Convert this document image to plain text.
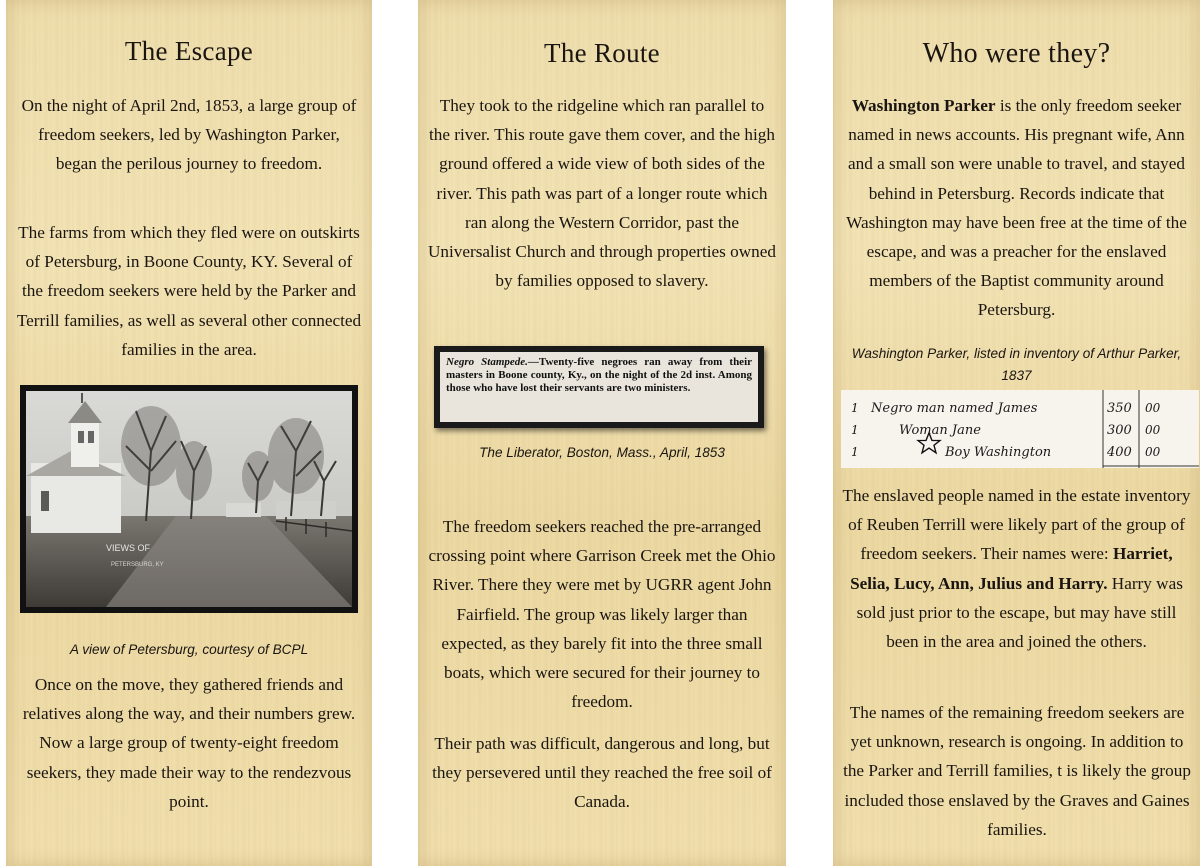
The Escape
On the night of April 2nd, 1853, a large group of freedom seekers, led by Washington Parker, began the perilous journey to freedom.
The farms from which they fled were on outskirts of Petersburg, in Boone County, KY. Several of the freedom seekers were held by the Parker and Terrill families, as well as several other connected families in the area.
VIEWS OF
PETERSBURG, KY
A view of Petersburg, courtesy of BCPL
Once on the move, they gathered friends and relatives along the way, and their numbers grew. Now a large group of twenty-eight freedom seekers, they made their way to the rendezvous point.
The Route
They took to the ridgeline which ran parallel to the river. This route gave them cover, and the high ground offered a wide view of both sides of the river. This path was part of a longer route which ran along the Western Corridor, past the Universalist Church and through properties owned by families opposed to slavery.
Negro Stampede.—Twenty-five negroes ran away from their masters in Boone county, Ky., on the night of the 2d inst. Among those who have lost their servants are two ministers.
The Liberator, Boston, Mass., April, 1853
The freedom seekers reached the pre-arranged crossing point where Garrison Creek met the Ohio River. There they were met by UGRR agent John Fairfield. The group was likely larger than expected, as they barely fit into the three small boats, which were secured for their journey to freedom.
Their path was difficult, dangerous and long, but they persevered until they reached the free soil of Canada.
Who were they?
Washington Parker is the only freedom seeker named in news accounts. His pregnant wife, Ann and a small son were unable to travel, and stayed behind in Petersburg. Records indicate that Washington may have been free at the time of the escape, and was a preacher for the enslaved members of the Baptist community around Petersburg.
Washington Parker, listed in inventory of Arthur Parker, 1837
1 Negro man named James	350 00
1	Woman Jane	300 00
1	Boy Washington	400 00
The enslaved people named in the estate inventory of Reuben Terrill were likely part of the group of freedom seekers. Their names were: Harriet, Selia, Lucy, Ann, Julius and Harry. Harry was sold just prior to the escape, but may have still been in the area and joined the others.
The names of the remaining freedom seekers are yet unknown, research is ongoing. In addition to the Parker and Terrill families, t is likely the group included those enslaved by the Graves and Gaines families.
